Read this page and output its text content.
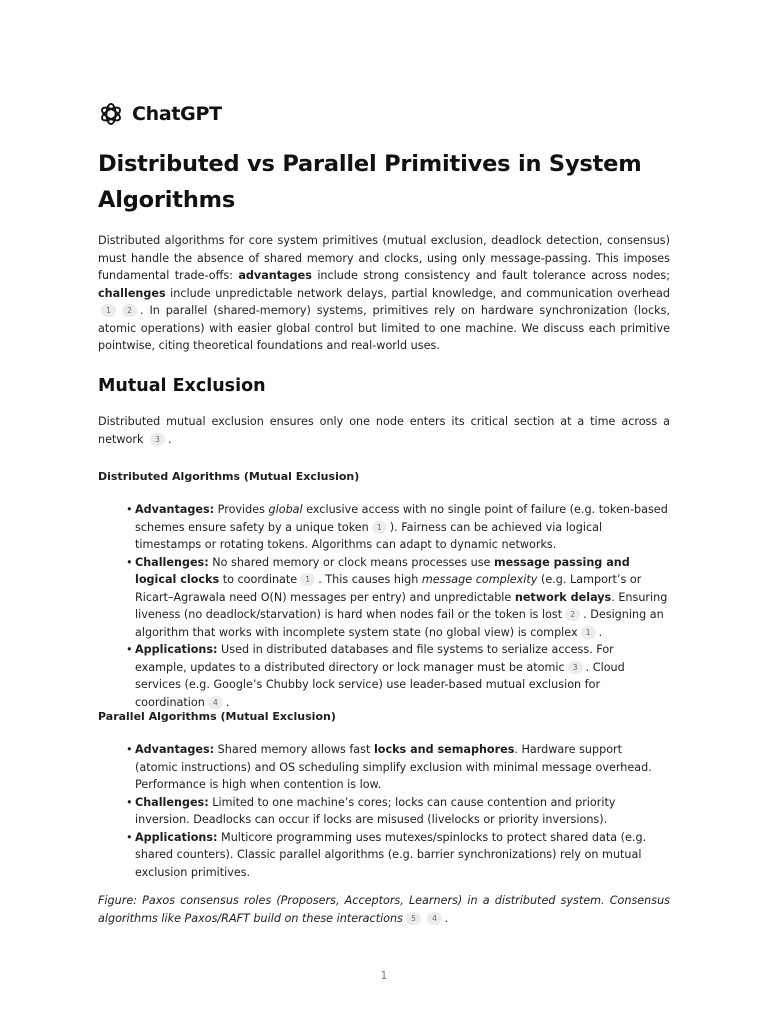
ChatGPT
Distributed vs Parallel Primitives in System Algorithms

Distributed algorithms for core system primitives (mutual exclusion, deadlock detection, consensus) must handle the absence of shared memory and clocks, using only message-passing. This imposes fundamental trade-offs: advantages include strong consistency and fault tolerance across nodes; challenges include unpredictable network delays, partial knowledge, and communication overhead1 2 . In parallel (shared-memory) systems, primitives rely on hardware synchronization (locks, atomic operations) with easier global control but limited to one machine. We discuss each primitive pointwise, citing theoretical foundations and real-world uses.

Mutual Exclusion

Distributed mutual exclusion ensures only one node enters its critical section at a time across a network 3 .

Distributed Algorithms (Mutual Exclusion)
• Advantages: Provides global exclusive access with no single point of failure (e.g. token-based schemes ensure safety by a unique token 1 ). Fairness can be achieved via logical timestamps or rotating tokens. Algorithms can adapt to dynamic networks.
• Challenges: No shared memory or clock means processes use message passing and logical clocks to coordinate 1 . This causes high message complexity (e.g. Lamport’s or Ricart–Agrawala need O(N) messages per entry) and unpredictable network delays. Ensuring liveness (no deadlock/starvation) is hard when nodes fail or the token is lost 2 . Designing an algorithm that works with incomplete system state (no global view) is complex 1 .
• Applications: Used in distributed databases and file systems to serialize access. For example, updates to a distributed directory or lock manager must be atomic 3 . Cloud services (e.g. Google’s Chubby lock service) use leader-based mutual exclusion for coordination 4 .
Parallel Algorithms (Mutual Exclusion)
• Advantages: Shared memory allows fast locks and semaphores. Hardware support (atomic instructions) and OS scheduling simplify exclusion with minimal message overhead. Performance is high when contention is low.
• Challenges: Limited to one machine’s cores; locks can cause contention and priority inversion. Deadlocks can occur if locks are misused (livelocks or priority inversions).
• Applications: Multicore programming uses mutexes/spinlocks to protect shared data (e.g. shared counters). Classic parallel algorithms (e.g. barrier synchronizations) rely on mutual exclusion primitives.

Figure: Paxos consensus roles (Proposers, Acceptors, Learners) in a distributed system. Consensus algorithms like Paxos/RAFT build on these interactions 5 4 .

1
